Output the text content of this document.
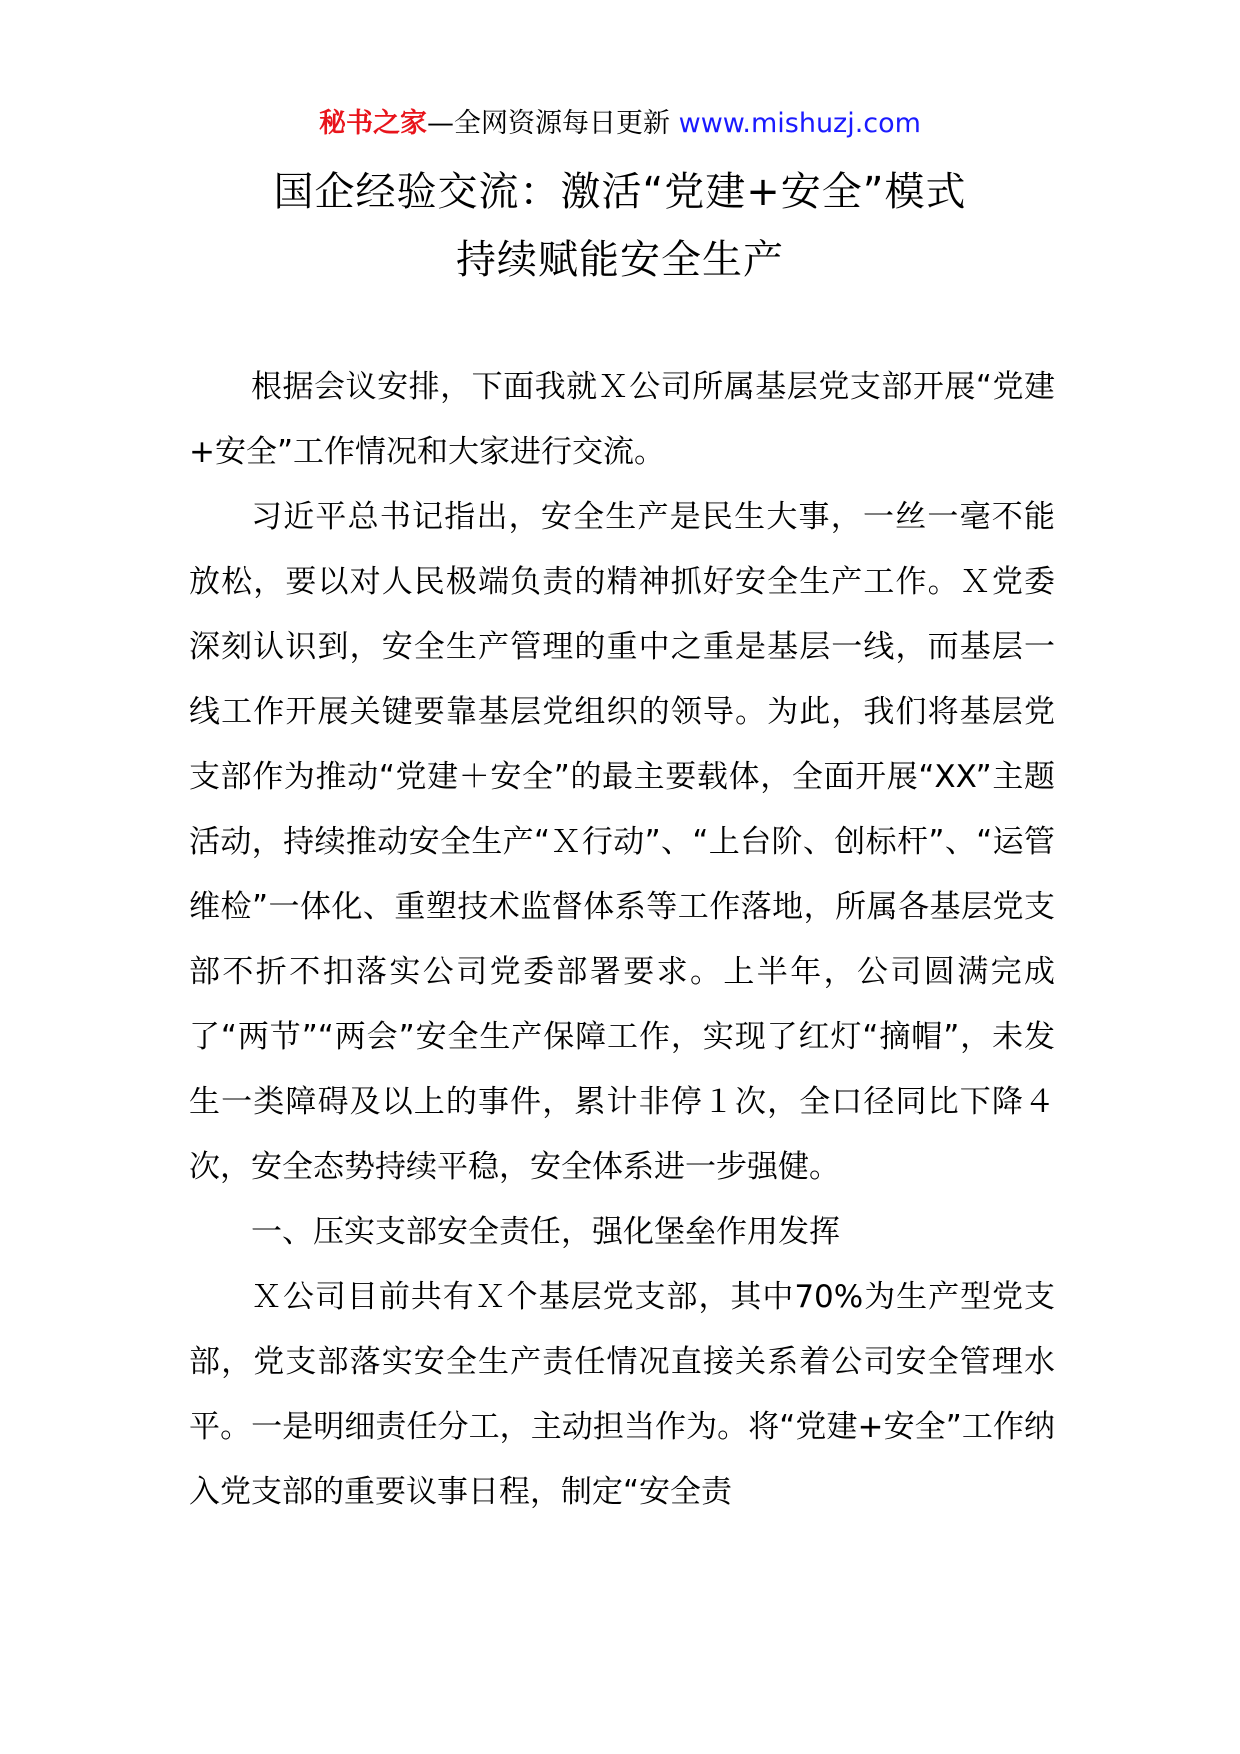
秘书之家—全网资源每日更新 www.mishuzj.com
国企经验交流：激活“党建+安全”模式
持续赋能安全生产

根据会议安排，下面我就Ｘ公司所属基层党支部开展“党建+安全”工作情况和大家进行交流。

习近平总书记指出，安全生产是民生大事，一丝一毫不能放松，要以对人民极端负责的精神抓好安全生产工作。Ｘ党委深刻认识到，安全生产管理的重中之重是基层一线，而基层一线工作开展关键要靠基层党组织的领导。为此，我们将基层党支部作为推动“党建＋安全”的最主要载体，全面开展“XX”主题活动，持续推动安全生产“Ｘ行动”、“上台阶、创标杆”、“运管维检”一体化、重塑技术监督体系等工作落地，所属各基层党支部不折不扣落实公司党委部署要求。上半年，公司圆满完成了“两节”“两会”安全生产保障工作，实现了红灯“摘帽”，未发生一类障碍及以上的事件，累计非停１次，全口径同比下降４次，安全态势持续平稳，安全体系进一步强健。

一、压实支部安全责任，强化堡垒作用发挥

Ｘ公司目前共有Ｘ个基层党支部，其中70%为生产型党支部，党支部落实安全生产责任情况直接关系着公司安全管理水平。一是明细责任分工，主动担当作为。将“党建+安全”工作纳入党支部的重要议事日程，制定“安全责
